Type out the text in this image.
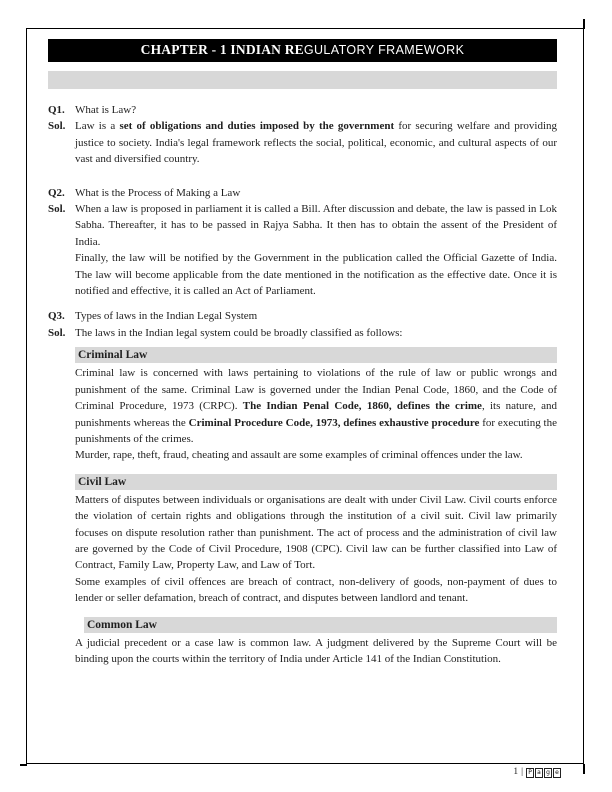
CHAPTER - 1 INDIAN RE GULATORY FRAMEWORK
Q1. What is Law?
Sol. Law is a set of obligations and duties imposed by the government for securing welfare and providing justice to society. India's legal framework reflects the social, political, economic, and cultural aspects of our vast and diversified country.
Q2. What is the Process of Making a Law
Sol. When a law is proposed in parliament it is called a Bill. After discussion and debate, the law is passed in Lok Sabha. Thereafter, it has to be passed in Rajya Sabha. It then has to obtain the assent of the President of India.
Finally, the law will be notified by the Government in the publication called the Official Gazette of India. The law will become applicable from the date mentioned in the notification as the effective date. Once it is notified and effective, it is called an Act of Parliament.
Q3. Types of laws in the Indian Legal System
Sol. The laws in the Indian legal system could be broadly classified as follows:
Criminal Law
Criminal law is concerned with laws pertaining to violations of the rule of law or public wrongs and punishment of the same. Criminal Law is governed under the Indian Penal Code, 1860, and the Code of Criminal Procedure, 1973 (CRPC). The Indian Penal Code, 1860, defines the crime, its nature, and punishments whereas the Criminal Procedure Code, 1973, defines exhaustive procedure for executing the punishments of the crimes.
Murder, rape, theft, fraud, cheating and assault are some examples of criminal offences under the law.
Civil Law
Matters of disputes between individuals or organisations are dealt with under Civil Law. Civil courts enforce the violation of certain rights and obligations through the institution of a civil suit. Civil law primarily focuses on dispute resolution rather than punishment. The act of process and the administration of civil law are governed by the Code of Civil Procedure, 1908 (CPC). Civil law can be further classified into Law of Contract, Family Law, Property Law, and Law of Tort.
Some examples of civil offences are breach of contract, non-delivery of goods, non-payment of dues to lender or seller defamation, breach of contract, and disputes between landlord and tenant.
Common Law
A judicial precedent or a case law is common law. A judgment delivered by the Supreme Court will be binding upon the courts within the territory of India under Article 141 of the Indian Constitution.
1 | P a g e
